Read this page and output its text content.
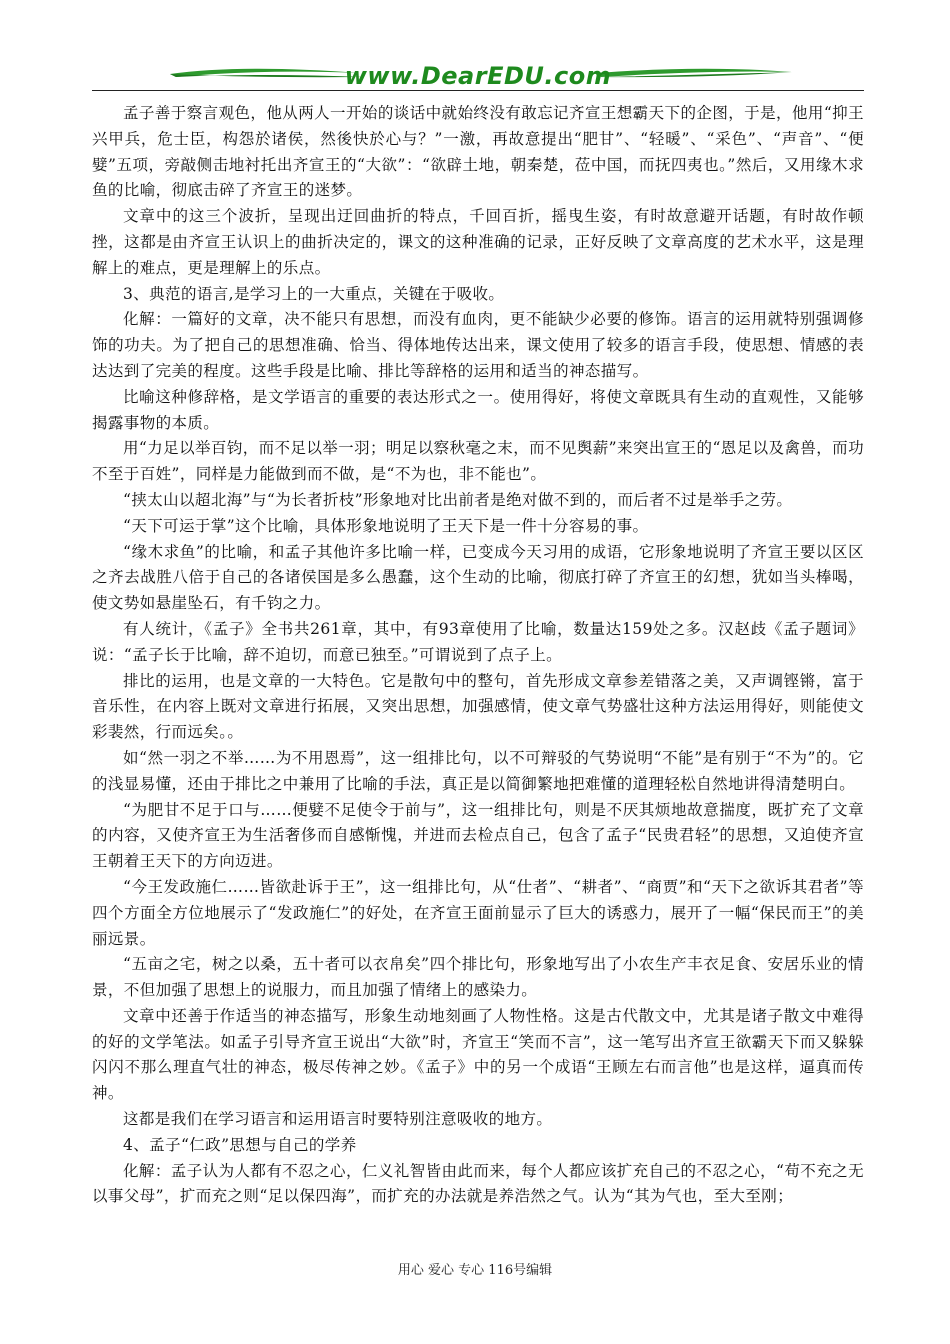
www.DearEDU.com

孟子善于察言观色，他从两人一开始的谈话中就始终没有敢忘记齐宣王想霸天下的企图，于是，他用“抑王兴甲兵，危士臣，构怨於诸侯，然後快於心与？”一激，再故意提出“肥甘”、“轻暖”、“采色”、“声音”、“便嬖”五项，旁敲侧击地衬托出齐宣王的“大欲”：“欲辟土地，朝秦楚，莅中国，而抚四夷也。”然后，又用缘木求鱼的比喻，彻底击碎了齐宣王的迷梦。

文章中的这三个波折，呈现出迂回曲折的特点，千回百折，摇曳生姿，有时故意避开话题，有时故作顿挫，这都是由齐宣王认识上的曲折决定的，课文的这种准确的记录，正好反映了文章高度的艺术水平，这是理解上的难点，更是理解上的乐点。

3、典范的语言,是学习上的一大重点，关键在于吸收。

化解：一篇好的文章，决不能只有思想，而没有血肉，更不能缺少必要的修饰。语言的运用就特别强调修饰的功夫。为了把自己的思想准确、恰当、得体地传达出来，课文使用了较多的语言手段，使思想、情感的表达达到了完美的程度。这些手段是比喻、排比等辞格的运用和适当的神态描写。

比喻这种修辞格，是文学语言的重要的表达形式之一。使用得好，将使文章既具有生动的直观性，又能够揭露事物的本质。

用“力足以举百钧，而不足以举一羽；明足以察秋毫之末，而不见舆薪”来突出宣王的“恩足以及禽兽，而功不至于百姓”，同样是力能做到而不做，是“不为也，非不能也”。

“挟太山以超北海”与“为长者折枝”形象地对比出前者是绝对做不到的，而后者不过是举手之劳。

“天下可运于掌”这个比喻，具体形象地说明了王天下是一件十分容易的事。

“缘木求鱼”的比喻，和孟子其他许多比喻一样，已变成今天习用的成语，它形象地说明了齐宣王要以区区之齐去战胜八倍于自己的各诸侯国是多么愚蠢，这个生动的比喻，彻底打碎了齐宣王的幻想，犹如当头棒喝，使文势如悬崖坠石，有千钧之力。

有人统计，《孟子》全书共261章，其中，有93章使用了比喻，数量达159处之多。汉赵歧《孟子题词》说：“孟子长于比喻，辞不迫切，而意已独至。”可谓说到了点子上。

排比的运用，也是文章的一大特色。它是散句中的整句，首先形成文章参差错落之美，又声调铿锵，富于音乐性，在内容上既对文章进行拓展，又突出思想，加强感情，使文章气势盛壮这种方法运用得好，则能使文彩裴然，行而远矣。。

如“然一羽之不举……为不用恩焉”，这一组排比句，以不可辩驳的气势说明“不能”是有别于“不为”的。它的浅显易懂，还由于排比之中兼用了比喻的手法，真正是以简御繁地把难懂的道理轻松自然地讲得清楚明白。

“为肥甘不足于口与……便嬖不足使令于前与”，这一组排比句，则是不厌其烦地故意揣度，既扩充了文章的内容，又使齐宣王为生活奢侈而自感惭愧，并进而去检点自己，包含了孟子“民贵君轻”的思想，又迫使齐宣王朝着王天下的方向迈进。

“今王发政施仁……皆欲赴诉于王”，这一组排比句，从“仕者”、“耕者”、“商贾”和“天下之欲诉其君者”等四个方面全方位地展示了“发政施仁”的好处，在齐宣王面前显示了巨大的诱惑力，展开了一幅“保民而王”的美丽远景。

“五亩之宅，树之以桑，五十者可以衣帛矣”四个排比句，形象地写出了小农生产丰衣足食、安居乐业的情景，不但加强了思想上的说服力，而且加强了情绪上的感染力。

文章中还善于作适当的神态描写，形象生动地刻画了人物性格。这是古代散文中，尤其是诸子散文中难得的好的文学笔法。如孟子引导齐宣王说出“大欲”时，齐宣王“笑而不言”，这一笔写出齐宣王欲霸天下而又躲躲闪闪不那么理直气壮的神态，极尽传神之妙。《孟子》中的另一个成语“王顾左右而言他”也是这样，逼真而传神。

这都是我们在学习语言和运用语言时要特别注意吸收的地方。

4、孟子“仁政”思想与自己的学养

化解：孟子认为人都有不忍之心，仁义礼智皆由此而来，每个人都应该扩充自己的不忍之心，“苟不充之无以事父母”，扩而充之则“足以保四海”，而扩充的办法就是养浩然之气。认为“其为气也，至大至刚；

用心 爱心 专心 116号编辑
